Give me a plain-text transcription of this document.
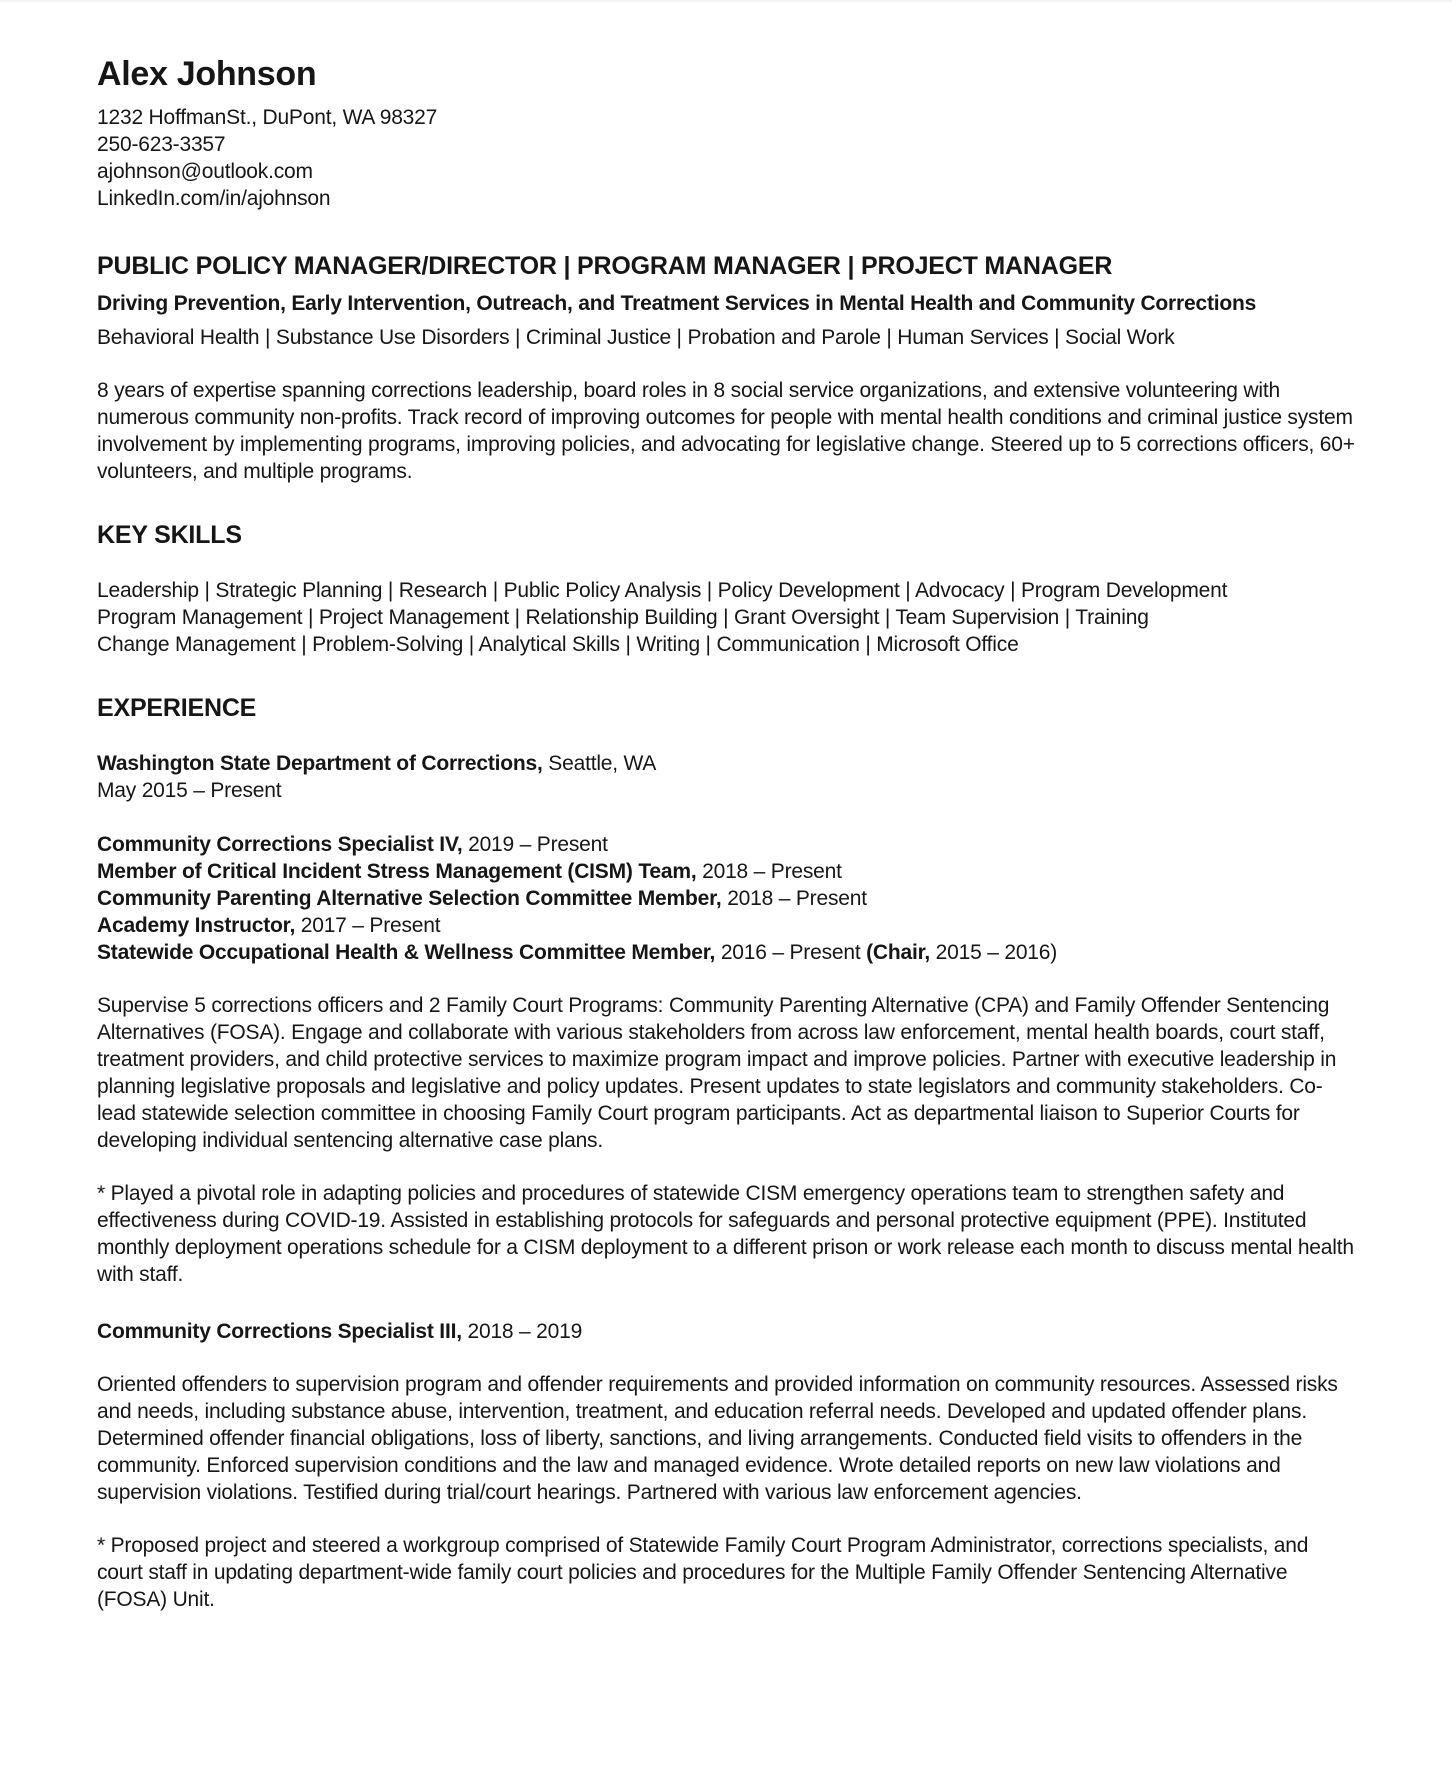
Alex Johnson
1232 HoffmanSt., DuPont, WA 98327
250-623-3357
ajohnson@outlook.com
LinkedIn.com/in/ajohnson
PUBLIC POLICY MANAGER/DIRECTOR | PROGRAM MANAGER | PROJECT MANAGER
Driving Prevention, Early Intervention, Outreach, and Treatment Services in Mental Health and Community Corrections
Behavioral Health | Substance Use Disorders | Criminal Justice | Probation and Parole | Human Services | Social Work
8 years of expertise spanning corrections leadership, board roles in 8 social service organizations, and extensive volunteering with numerous community non-profits. Track record of improving outcomes for people with mental health conditions and criminal justice system involvement by implementing programs, improving policies, and advocating for legislative change. Steered up to 5 corrections officers, 60+ volunteers, and multiple programs.
KEY SKILLS
Leadership | Strategic Planning | Research | Public Policy Analysis | Policy Development | Advocacy | Program Development
Program Management | Project Management | Relationship Building | Grant Oversight | Team Supervision | Training
Change Management | Problem-Solving | Analytical Skills | Writing | Communication | Microsoft Office
EXPERIENCE
Washington State Department of Corrections, Seattle, WA
May 2015 – Present
Community Corrections Specialist IV, 2019 – Present
Member of Critical Incident Stress Management (CISM) Team, 2018 – Present
Community Parenting Alternative Selection Committee Member, 2018 – Present
Academy Instructor, 2017 – Present
Statewide Occupational Health & Wellness Committee Member, 2016 – Present (Chair, 2015 – 2016)
Supervise 5 corrections officers and 2 Family Court Programs: Community Parenting Alternative (CPA) and Family Offender Sentencing Alternatives (FOSA). Engage and collaborate with various stakeholders from across law enforcement, mental health boards, court staff, treatment providers, and child protective services to maximize program impact and improve policies. Partner with executive leadership in planning legislative proposals and legislative and policy updates. Present updates to state legislators and community stakeholders. Co-lead statewide selection committee in choosing Family Court program participants. Act as departmental liaison to Superior Courts for developing individual sentencing alternative case plans.
* Played a pivotal role in adapting policies and procedures of statewide CISM emergency operations team to strengthen safety and effectiveness during COVID-19. Assisted in establishing protocols for safeguards and personal protective equipment (PPE). Instituted monthly deployment operations schedule for a CISM deployment to a different prison or work release each month to discuss mental health with staff.
Community Corrections Specialist III, 2018 – 2019
Oriented offenders to supervision program and offender requirements and provided information on community resources. Assessed risks and needs, including substance abuse, intervention, treatment, and education referral needs. Developed and updated offender plans. Determined offender financial obligations, loss of liberty, sanctions, and living arrangements. Conducted field visits to offenders in the community. Enforced supervision conditions and the law and managed evidence. Wrote detailed reports on new law violations and supervision violations. Testified during trial/court hearings. Partnered with various law enforcement agencies.
* Proposed project and steered a workgroup comprised of Statewide Family Court Program Administrator, corrections specialists, and court staff in updating department-wide family court policies and procedures for the Multiple Family Offender Sentencing Alternative (FOSA) Unit.
